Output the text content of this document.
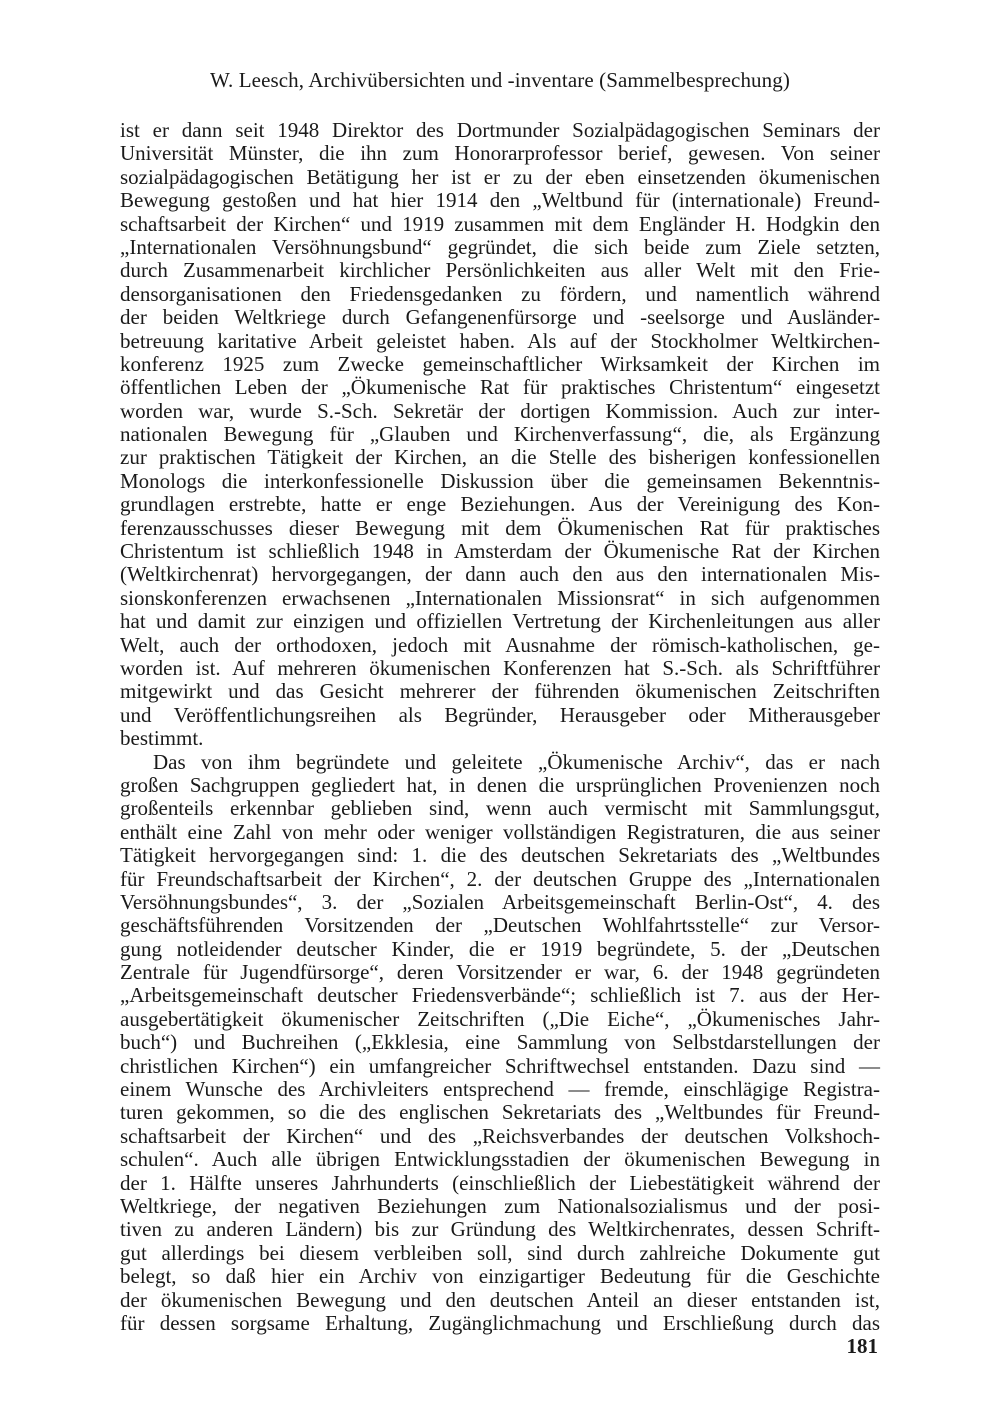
W. Leesch, Archivübersichten und -inventare (Sammelbesprechung)
ist er dann seit 1948 Direktor des Dortmunder Sozialpädagogischen Seminars der
Universität Münster, die ihn zum Honorarprofessor berief, gewesen. Von seiner
sozialpädagogischen Betätigung her ist er zu der eben einsetzenden ökumenischen
Bewegung gestoßen und hat hier 1914 den „Weltbund für (internationale) Freund-
schaftsarbeit der Kirchen“ und 1919 zusammen mit dem Engländer H. Hodgkin den
„Internationalen Versöhnungsbund“ gegründet, die sich beide zum Ziele setzten,
durch Zusammenarbeit kirchlicher Persönlichkeiten aus aller Welt mit den Frie-
densorganisationen den Friedensgedanken zu fördern, und namentlich während
der beiden Weltkriege durch Gefangenenfürsorge und -seelsorge und Ausländer-
betreuung karitative Arbeit geleistet haben. Als auf der Stockholmer Weltkirchen-
konferenz 1925 zum Zwecke gemeinschaftlicher Wirksamkeit der Kirchen im
öffentlichen Leben der „Ökumenische Rat für praktisches Christentum“ eingesetzt
worden war, wurde S.-Sch. Sekretär der dortigen Kommission. Auch zur inter-
nationalen Bewegung für „Glauben und Kirchenverfassung“, die, als Ergänzung
zur praktischen Tätigkeit der Kirchen, an die Stelle des bisherigen konfessionellen
Monologs die interkonfessionelle Diskussion über die gemeinsamen Bekenntnis-
grundlagen erstrebte, hatte er enge Beziehungen. Aus der Vereinigung des Kon-
ferenzausschusses dieser Bewegung mit dem Ökumenischen Rat für praktisches
Christentum ist schließlich 1948 in Amsterdam der Ökumenische Rat der Kirchen
(Weltkirchenrat) hervorgegangen, der dann auch den aus den internationalen Mis-
sionskonferenzen erwachsenen „Internationalen Missionsrat“ in sich aufgenommen
hat und damit zur einzigen und offiziellen Vertretung der Kirchenleitungen aus aller
Welt, auch der orthodoxen, jedoch mit Ausnahme der römisch-katholischen, ge-
worden ist. Auf mehreren ökumenischen Konferenzen hat S.-Sch. als Schriftführer
mitgewirkt und das Gesicht mehrerer der führenden ökumenischen Zeitschriften
und Veröffentlichungsreihen als Begründer, Herausgeber oder Mitherausgeber
bestimmt.
Das von ihm begründete und geleitete „Ökumenische Archiv“, das er nach
großen Sachgruppen gegliedert hat, in denen die ursprünglichen Provenienzen noch
großenteils erkennbar geblieben sind, wenn auch vermischt mit Sammlungsgut,
enthält eine Zahl von mehr oder weniger vollständigen Registraturen, die aus seiner
Tätigkeit hervorgegangen sind: 1. die des deutschen Sekretariats des „Weltbundes
für Freundschaftsarbeit der Kirchen“, 2. der deutschen Gruppe des „Internationalen
Versöhnungsbundes“, 3. der „Sozialen Arbeitsgemeinschaft Berlin-Ost“, 4. des
geschäftsführenden Vorsitzenden der „Deutschen Wohlfahrtsstelle“ zur Versor-
gung notleidender deutscher Kinder, die er 1919 begründete, 5. der „Deutschen
Zentrale für Jugendfürsorge“, deren Vorsitzender er war, 6. der 1948 gegründeten
„Arbeitsgemeinschaft deutscher Friedensverbände“; schließlich ist 7. aus der Her-
ausgebertätigkeit ökumenischer Zeitschriften („Die Eiche“, „Ökumenisches Jahr-
buch“) und Buchreihen („Ekklesia, eine Sammlung von Selbstdarstellungen der
christlichen Kirchen“) ein umfangreicher Schriftwechsel entstanden. Dazu sind —
einem Wunsche des Archivleiters entsprechend — fremde, einschlägige Registra-
turen gekommen, so die des englischen Sekretariats des „Weltbundes für Freund-
schaftsarbeit der Kirchen“ und des „Reichsverbandes der deutschen Volkshoch-
schulen“. Auch alle übrigen Entwicklungsstadien der ökumenischen Bewegung in
der 1. Hälfte unseres Jahrhunderts (einschließlich der Liebestätigkeit während der
Weltkriege, der negativen Beziehungen zum Nationalsozialismus und der posi-
tiven zu anderen Ländern) bis zur Gründung des Weltkirchenrates, dessen Schrift-
gut allerdings bei diesem verbleiben soll, sind durch zahlreiche Dokumente gut
belegt, so daß hier ein Archiv von einzigartiger Bedeutung für die Geschichte
der ökumenischen Bewegung und den deutschen Anteil an dieser entstanden ist,
für dessen sorgsame Erhaltung, Zugänglichmachung und Erschließung durch das
181
